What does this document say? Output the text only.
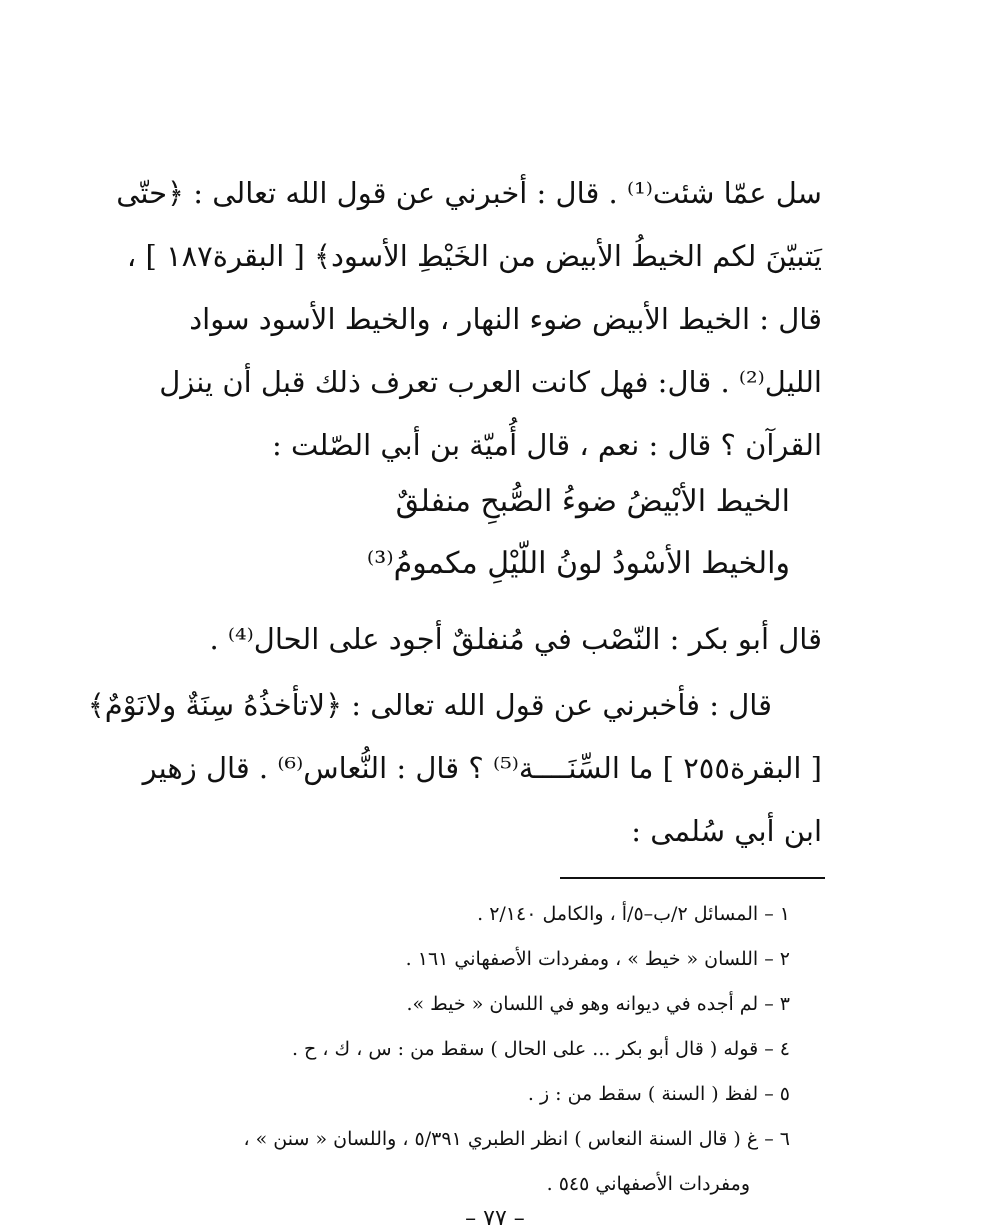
سل عمّا شئت⁽¹⁾ . قال : أخبرني عن قول الله تعالى : ﴿حتّى
يَتبيّنَ لكم الخيطُ الأبيض من الخَيْطِ الأسود﴾ [ البقرة١٨٧ ] ،
قال : الخيط الأبيض ضوء النهار ، والخيط الأسود سواد
الليل⁽²⁾ . قال: فهل كانت العرب تعرف ذلك قبل أن ينزل
القرآن ؟ قال : نعم ، قال أُميّة بن أبي الصّلت :
الخيط الأبْيضُ ضوءُ الصُّبحِ منفلقٌ
والخيط الأسْودُ لونُ اللّيْلِ مكمومُ⁽³⁾
قال أبو بكر : النّصْب في مُنفلقٌ أجود على الحال⁽⁴⁾ .
قال : فأخبرني عن قول الله تعالى : ﴿لاتأخذُهُ سِنَةٌ ولانَوْمٌ﴾
[ البقرة٢٥٥ ] ما السِّنَــــة⁽⁵⁾ ؟ قال : النُّعاس⁽⁶⁾ . قال زهير
ابن أبي سُلمى :
١ – المسائل ٢/ب–٥/أ ، والكامل ٢/١٤٠ .
٢ – اللسان « خيط » ، ومفردات الأصفهاني ١٦١ .
٣ – لم أجده في ديوانه وهو في اللسان « خيط ».
٤ – قوله ( قال أبو بكر ... على الحال ) سقط من : س ، ك ، ح .
٥ – لفظ ( السنة ) سقط من : ز .
٦ – غ ( قال السنة النعاس ) انظر الطبري ٥/٣٩١ ، واللسان « سنن » ،
ومفردات الأصفهاني ٥٤٥ .
– ٧٧ –
